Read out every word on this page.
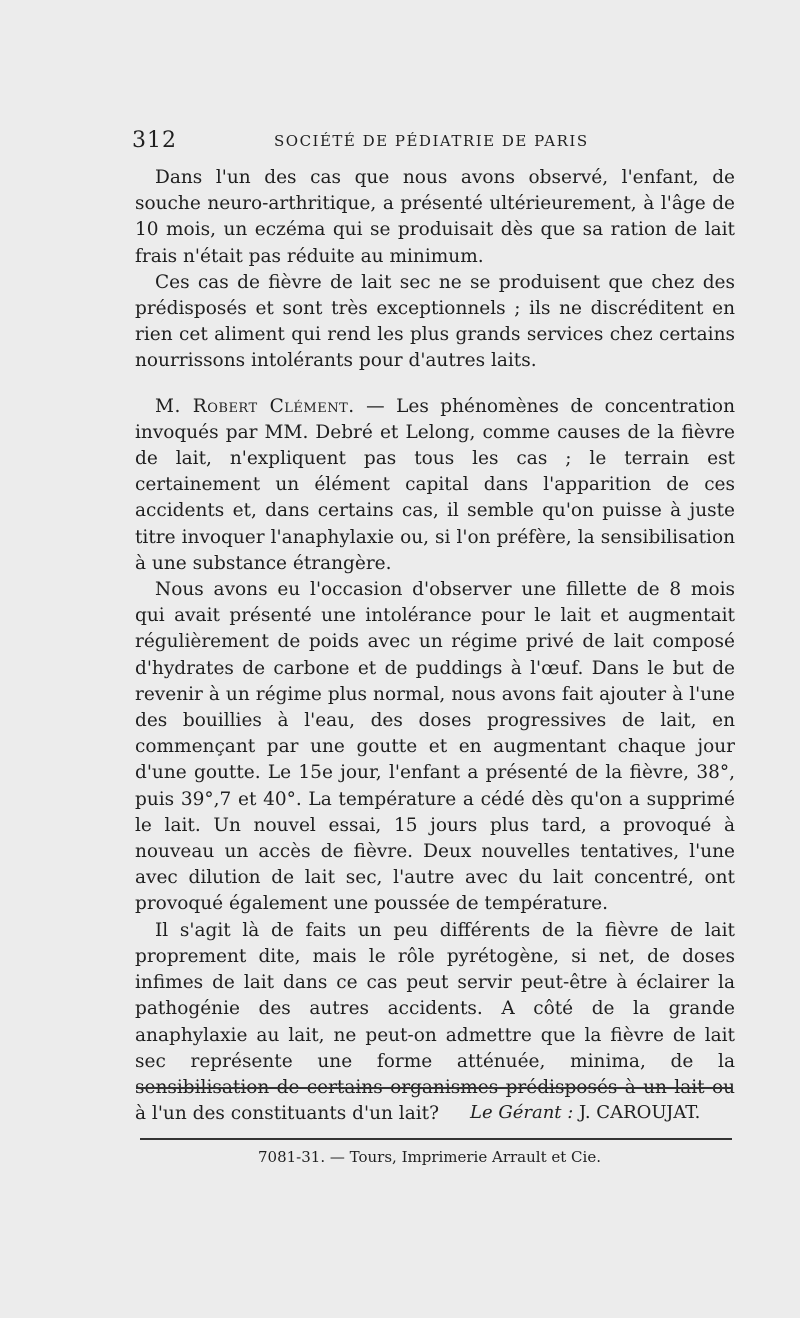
312	SOCIÉTÉ DE PÉDIATRIE DE PARIS

Dans l'un des cas que nous avons observé, l'enfant, de souche neuro-arthritique, a présenté ultérieurement, à l'âge de 10 mois, un eczéma qui se produisait dès que sa ration de lait frais n'était pas réduite au minimum.

Ces cas de fièvre de lait sec ne se produisent que chez des prédisposés et sont très exceptionnels ; ils ne discréditent en rien cet aliment qui rend les plus grands services chez certains nourrissons intolérants pour d'autres laits.

M. Robert Clément. — Les phénomènes de concentration invoqués par MM. Debré et Lelong, comme causes de la fièvre de lait, n'expliquent pas tous les cas ; le terrain est certainement un élément capital dans l'apparition de ces accidents et, dans certains cas, il semble qu'on puisse à juste titre invoquer l'anaphylaxie ou, si l'on préfère, la sensibilisation à une substance étrangère.

Nous avons eu l'occasion d'observer une fillette de 8 mois qui avait présenté une intolérance pour le lait et augmentait régulièrement de poids avec un régime privé de lait composé d'hydrates de carbone et de puddings à l'œuf. Dans le but de revenir à un régime plus normal, nous avons fait ajouter à l'une des bouillies à l'eau, des doses progressives de lait, en commençant par une goutte et en augmentant chaque jour d'une goutte. Le 15e jour, l'enfant a présenté de la fièvre, 38°, puis 39°,7 et 40°. La température a cédé dès qu'on a supprimé le lait. Un nouvel essai, 15 jours plus tard, a provoqué à nouveau un accès de fièvre. Deux nouvelles tentatives, l'une avec dilution de lait sec, l'autre avec du lait concentré, ont provoqué également une poussée de température.

Il s'agit là de faits un peu différents de la fièvre de lait proprement dite, mais le rôle pyrétogène, si net, de doses infimes de lait dans ce cas peut servir peut-être à éclairer la pathogénie des autres accidents. A côté de la grande anaphylaxie au lait, ne peut-on admettre que la fièvre de lait sec représente une forme atténuée, minima, de la sensibilisation de certains organismes prédisposés à un lait ou à l'un des constituants d'un lait?	Le Gérant : J. CAROUJAT.
7081-31. — Tours, Imprimerie Arrault et Cie.
